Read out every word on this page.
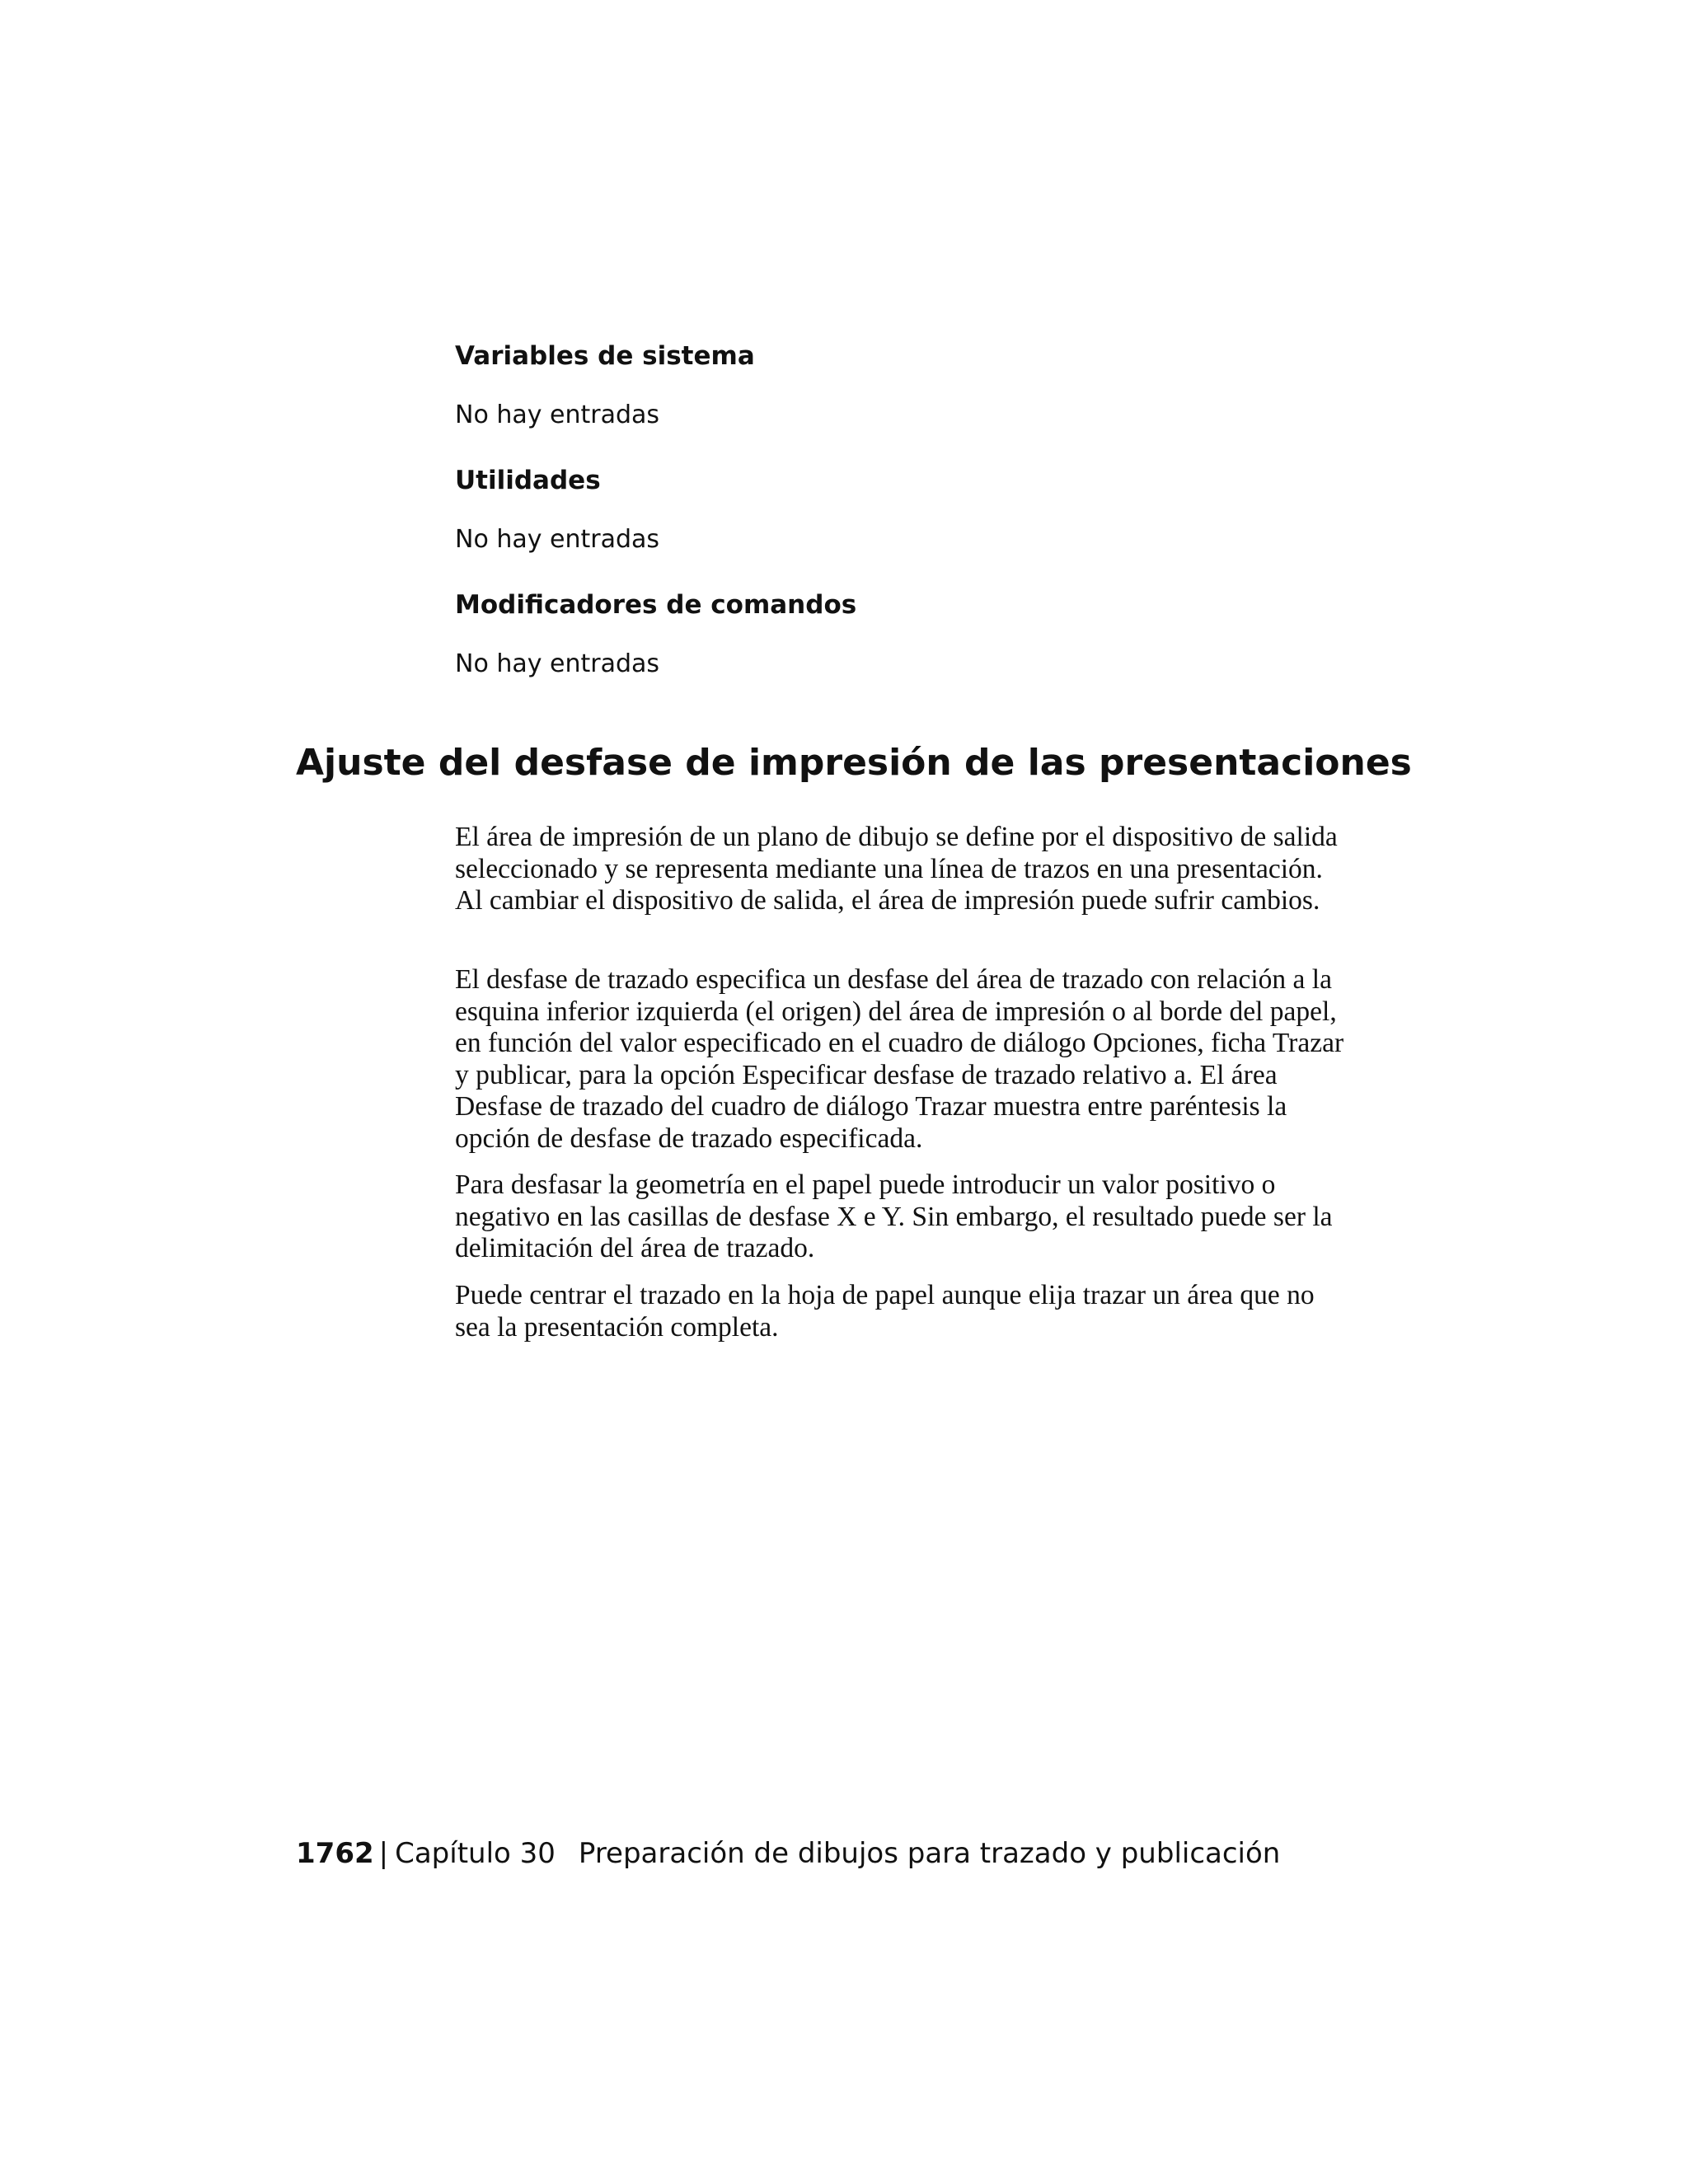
Variables de sistema

No hay entradas

Utilidades

No hay entradas

Modificadores de comandos

No hay entradas

Ajuste del desfase de impresión de las presentaciones

El área de impresión de un plano de dibujo se define por el dispositivo de salida seleccionado y se representa mediante una línea de trazos en una presentación. Al cambiar el dispositivo de salida, el área de impresión puede sufrir cambios.

El desfase de trazado especifica un desfase del área de trazado con relación a la esquina inferior izquierda (el origen) del área de impresión o al borde del papel, en función del valor especificado en el cuadro de diálogo Opciones, ficha Trazar y publicar, para la opción Especificar desfase de trazado relativo a. El área Desfase de trazado del cuadro de diálogo Trazar muestra entre paréntesis la opción de desfase de trazado especificada.

Para desfasar la geometría en el papel puede introducir un valor positivo o negativo en las casillas de desfase X e Y. Sin embargo, el resultado puede ser la delimitación del área de trazado.

Puede centrar el trazado en la hoja de papel aunque elija trazar un área que no sea la presentación completa.

1762 | Capítulo 30 Preparación de dibujos para trazado y publicación
